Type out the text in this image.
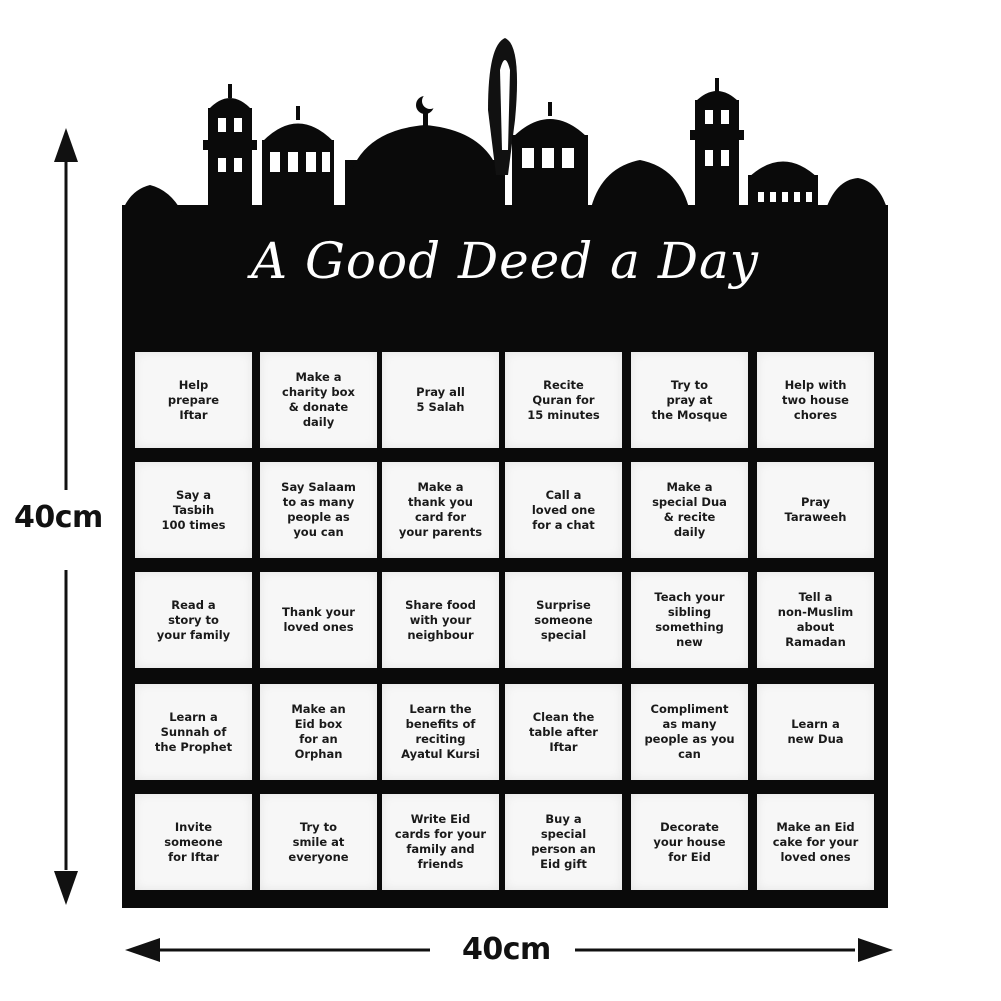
A Good Deed a Day
40cm
40cm
Help
prepare
Iftar
Make a
charity box
& donate
daily
Pray all
5 Salah
Recite
Quran for
15 minutes
Try to
pray at
the Mosque
Help with
two house
chores
Say a
Tasbih
100 times
Say Salaam
to as many
people as
you can
Make a
thank you
card for
your parents
Call a
loved one
for a chat
Make a
special Dua
& recite
daily
Pray
Taraweeh
Read a
story to
your family
Thank your
loved ones
Share food
with your
neighbour
Surprise
someone
special
Teach your
sibling
something
new
Tell a
non-Muslim
about
Ramadan
Learn a
Sunnah of
the Prophet
Make an
Eid box
for an
Orphan
Learn the
benefits of
reciting
Ayatul Kursi
Clean the
table after
Iftar
Compliment
as many
people as you
can
Learn a
new Dua
Invite
someone
for Iftar
Try to
smile at
everyone
Write Eid
cards for your
family and
friends
Buy a
special
person an
Eid gift
Decorate
your house
for Eid
Make an Eid
cake for your
loved ones
